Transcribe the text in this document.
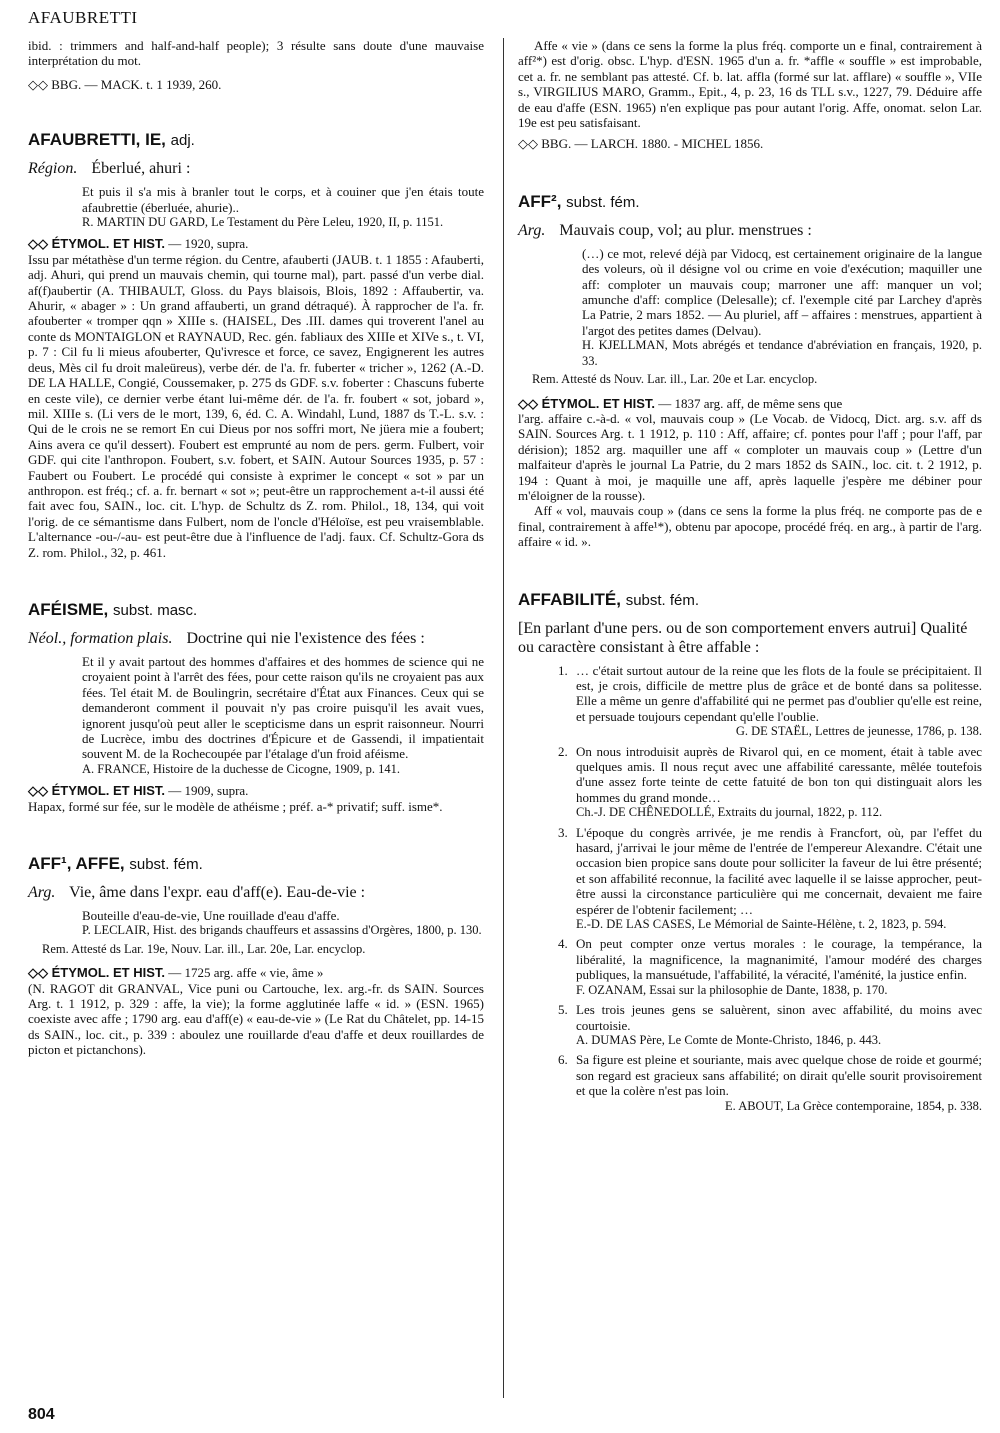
AFAUBRETTI

ibid. : trimmers and half-and-half people); 3 résulte sans doute d'une mauvaise interprétation du mot.

◇◇ BBG. — MACK. t. 1 1939, 260.

AFAUBRETTI, IE, adj.
Région. Éberlué, ahuri :

Et puis il s'a mis à branler tout le corps, et à couiner que j'en étais toute afaubrettie (éberluée, ahurie)..

R. MARTIN DU GARD, Le Testament du Père Leleu, 1920, II, p. 1151.

◇◇ ÉTYMOL. ET HIST. — 1920, supra.

Issu par métathèse d'un terme région. du Centre, afauberti (JAUB. t. 1 1855 : Afauberti, adj. Ahuri, qui prend un mauvais chemin, qui tourne mal), part. passé d'un verbe dial. af(f)aubertir (A. THIBAULT, Gloss. du Pays blaisois, Blois, 1892 : Affaubertir, va. Ahurir, « abager » : Un grand affauberti, un grand détraqué). À rapprocher de l'a. fr. afouberter « tromper qqn » XIIIe s. (HAISEL, Des .III. dames qui troverent l'anel au conte ds MONTAIGLON et RAYNAUD, Rec. gén. fabliaux des XIIIe et XIVe s., t. VI, p. 7 : Cil fu li mieus afouberter, Qu'ivresce et force, ce savez, Engignerent les autres deus, Mès cil fu droit maleüreus), verbe dér. de l'a. fr. fuberter « tricher », 1262 (A.-D. DE LA HALLE, Congié, Coussemaker, p. 275 ds GDF. s.v. foberter : Chascuns fuberte en ceste vile), ce dernier verbe étant lui-même dér. de l'a. fr. foubert « sot, jobard », mil. XIIIe s. (Li vers de le mort, 139, 6, éd. C. A. Windahl, Lund, 1887 ds T.-L. s.v. : Qui de le crois ne se remort En cui Dieus por nos soffri mort, Ne jüera mie a foubert; Ains avera ce qu'il dessert). Foubert est emprunté au nom de pers. germ. Fulbert, voir GDF. qui cite l'anthropon. Foubert, s.v. fobert, et SAIN. Autour Sources 1935, p. 57 : Faubert ou Foubert. Le procédé qui consiste à exprimer le concept « sot » par un anthropon. est fréq.; cf. a. fr. bernart « sot »; peut-être un rapprochement a-t-il aussi été fait avec fou, SAIN., loc. cit. L'hyp. de Schultz ds Z. rom. Philol., 18, 134, qui voit l'orig. de ce sémantisme dans Fulbert, nom de l'oncle d'Héloïse, est peu vraisemblable. L'alternance -ou-/-au- est peut-être due à l'influence de l'adj. faux. Cf. Schultz-Gora ds Z. rom. Philol., 32, p. 461.

AFÉISME, subst. masc.
Néol., formation plais. Doctrine qui nie l'existence des fées :

Et il y avait partout des hommes d'affaires et des hommes de science qui ne croyaient point à l'arrêt des fées, pour cette raison qu'ils ne croyaient pas aux fées. Tel était M. de Boulingrin, secrétaire d'État aux Finances. Ceux qui se demanderont comment il pouvait n'y pas croire puisqu'il les avait vues, ignorent jusqu'où peut aller le scepticisme dans un esprit raisonneur. Nourri de Lucrèce, imbu des doctrines d'Épicure et de Gassendi, il impatientait souvent M. de la Rochecoupée par l'étalage d'un froid aféisme.

A. FRANCE, Histoire de la duchesse de Cicogne, 1909, p. 141.

◇◇ ÉTYMOL. ET HIST. — 1909, supra.

Hapax, formé sur fée, sur le modèle de athéisme ; préf. a-* privatif; suff. isme*.

AFF¹, AFFE, subst. fém.
Arg. Vie, âme dans l'expr. eau d'aff(e). Eau-de-vie :

Bouteille d'eau-de-vie, Une rouillade d'eau d'affe.

P. LECLAIR, Hist. des brigands chauffeurs et assassins d'Orgères, 1800, p. 130.

Rem. Attesté ds Lar. 19e, Nouv. Lar. ill., Lar. 20e, Lar. encyclop.

◇◇ ÉTYMOL. ET HIST. — 1725 arg. affe « vie, âme »

(N. RAGOT dit GRANVAL, Vice puni ou Cartouche, lex. arg.-fr. ds SAIN. Sources Arg. t. 1 1912, p. 329 : affe, la vie); la forme agglutinée laffe « id. » (ESN. 1965) coexiste avec affe ; 1790 arg. eau d'aff(e) « eau-de-vie » (Le Rat du Châtelet, pp. 14-15 ds SAIN., loc. cit., p. 339 : aboulez une rouillarde d'eau d'affe et deux rouillardes de picton et pictanchons).

Affe « vie » (dans ce sens la forme la plus fréq. comporte un e final, contrairement à aff²*) est d'orig. obsc. L'hyp. d'ESN. 1965 d'un a. fr. *affle « souffle » est improbable, cet a. fr. ne semblant pas attesté. Cf. b. lat. affla (formé sur lat. afflare) « souffle », VIIe s., VIRGILIUS MARO, Gramm., Epit., 4, p. 23, 16 ds TLL s.v., 1227, 79. Déduire affe de eau d'affe (ESN. 1965) n'en explique pas pour autant l'orig. Affe, onomat. selon Lar. 19e est peu satisfaisant.

◇◇ BBG. — LARCH. 1880. - MICHEL 1856.

AFF², subst. fém.
Arg. Mauvais coup, vol; au plur. menstrues :

(…) ce mot, relevé déjà par Vidocq, est certainement originaire de la langue des voleurs, où il désigne vol ou crime en voie d'exécution; maquiller une aff: comploter un mauvais coup; marroner une aff: manquer un vol; amunche d'aff: complice (Delesalle); cf. l'exemple cité par Larchey d'après La Patrie, 2 mars 1852. — Au pluriel, aff – affaires : menstrues, appartient à l'argot des petites dames (Delvau).

H. KJELLMAN, Mots abrégés et tendance d'abréviation en français, 1920, p. 33.

Rem. Attesté ds Nouv. Lar. ill., Lar. 20e et Lar. encyclop.

◇◇ ÉTYMOL. ET HIST. — 1837 arg. aff, de même sens que

l'arg. affaire c.-à-d. « vol, mauvais coup » (Le Vocab. de Vidocq, Dict. arg. s.v. aff ds SAIN. Sources Arg. t. 1 1912, p. 110 : Aff, affaire; cf. pontes pour l'aff ; pour l'aff, par dérision); 1852 arg. maquiller une aff « comploter un mauvais coup » (Lettre d'un malfaiteur d'après le journal La Patrie, du 2 mars 1852 ds SAIN., loc. cit. t. 2 1912, p. 194 : Quant à moi, je maquille une aff, après laquelle j'espère me débiner pour m'éloigner de la rousse).

Aff « vol, mauvais coup » (dans ce sens la forme la plus fréq. ne comporte pas de e final, contrairement à affe¹*), obtenu par apocope, procédé fréq. en arg., à partir de l'arg. affaire « id. ».

AFFABILITÉ, subst. fém.
[En parlant d'une pers. ou de son comportement envers autrui] Qualité ou caractère consistant à être affable :
1. … c'était surtout autour de la reine que les flots de la foule se précipitaient. Il est, je crois, difficile de mettre plus de grâce et de bonté dans sa politesse. Elle a même un genre d'affabilité qui ne permet pas d'oublier qu'elle est reine, et persuade toujours cependant qu'elle l'oublie.

G. DE STAËL, Lettres de jeunesse, 1786, p. 138.

2. On nous introduisit auprès de Rivarol qui, en ce moment, était à table avec quelques amis. Il nous reçut avec une affabilité caressante, mêlée toutefois d'une assez forte teinte de cette fatuité de bon ton qui distinguait alors les hommes du grand monde…

Ch.-J. DE CHÊNEDOLLÉ, Extraits du journal, 1822, p. 112.

3. L'époque du congrès arrivée, je me rendis à Francfort, où, par l'effet du hasard, j'arrivai le jour même de l'entrée de l'empereur Alexandre. C'était une occasion bien propice sans doute pour solliciter la faveur de lui être présenté; et son affabilité reconnue, la facilité avec laquelle il se laisse approcher, peut-être aussi la circonstance particulière qui me concernait, devaient me faire espérer de l'obtenir facilement; …

E.-D. DE LAS CASES, Le Mémorial de Sainte-Hélène, t. 2, 1823, p. 594.

4. On peut compter onze vertus morales : le courage, la tempérance, la libéralité, la magnificence, la magnanimité, l'amour modéré des charges publiques, la mansuétude, l'affabilité, la véracité, l'aménité, la justice enfin.

F. OZANAM, Essai sur la philosophie de Dante, 1838, p. 170.

5. Les trois jeunes gens se saluèrent, sinon avec affabilité, du moins avec courtoisie.

A. DUMAS Père, Le Comte de Monte-Christo, 1846, p. 443.

6. Sa figure est pleine et souriante, mais avec quelque chose de roide et gourmé; son regard est gracieux sans affabilité; on dirait qu'elle sourit provisoirement et que la colère n'est pas loin.

E. ABOUT, La Grèce contemporaine, 1854, p. 338.

804
